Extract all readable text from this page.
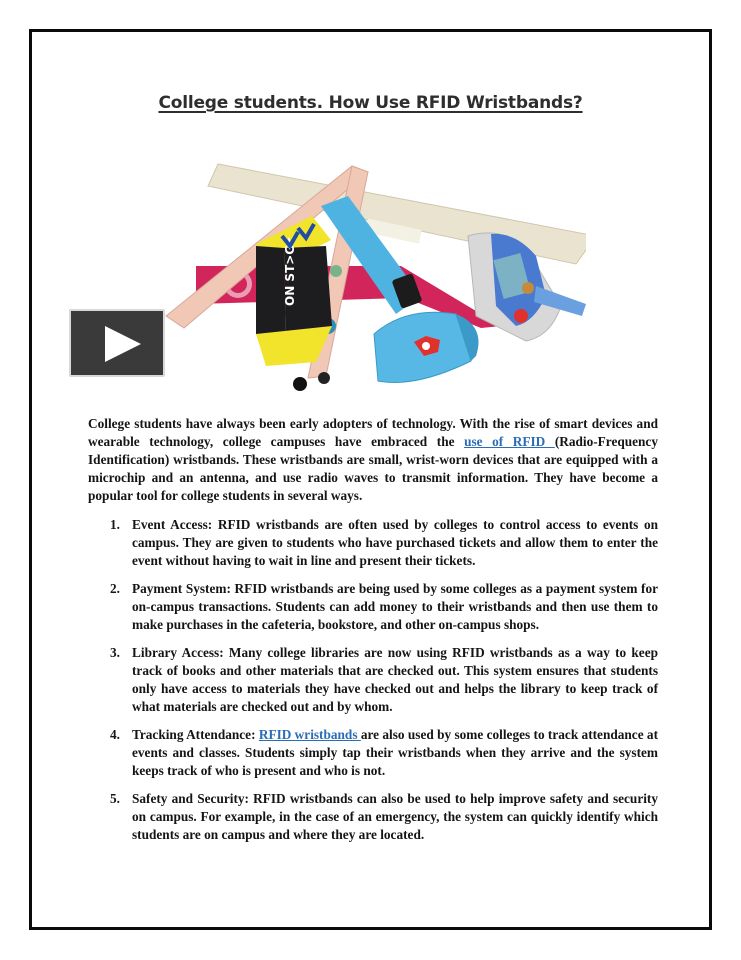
College students. How Use RFID Wristbands?
ON ST>GE

College students have always been early adopters of technology. With the rise of smart devices and wearable technology, college campuses have embraced the use of RFID (Radio-Frequency Identification) wristbands. These wristbands are small, wrist-worn devices that are equipped with a microchip and an antenna, and use radio waves to transmit information. They have become a popular tool for college students in several ways.

1. Event Access: RFID wristbands are often used by colleges to control access to events on campus. They are given to students who have purchased tickets and allow them to enter the event without having to wait in line and present their tickets.
2. Payment System: RFID wristbands are being used by some colleges as a payment system for on-campus transactions. Students can add money to their wristbands and then use them to make purchases in the cafeteria, bookstore, and other on-campus shops.
3. Library Access: Many college libraries are now using RFID wristbands as a way to keep track of books and other materials that are checked out. This system ensures that students only have access to materials they have checked out and helps the library to keep track of what materials are checked out and by whom.
4. Tracking Attendance: RFID wristbands are also used by some colleges to track attendance at events and classes. Students simply tap their wristbands when they arrive and the system keeps track of who is present and who is not.
5. Safety and Security: RFID wristbands can also be used to help improve safety and security on campus. For example, in the case of an emergency, the system can quickly identify which students are on campus and where they are located.
